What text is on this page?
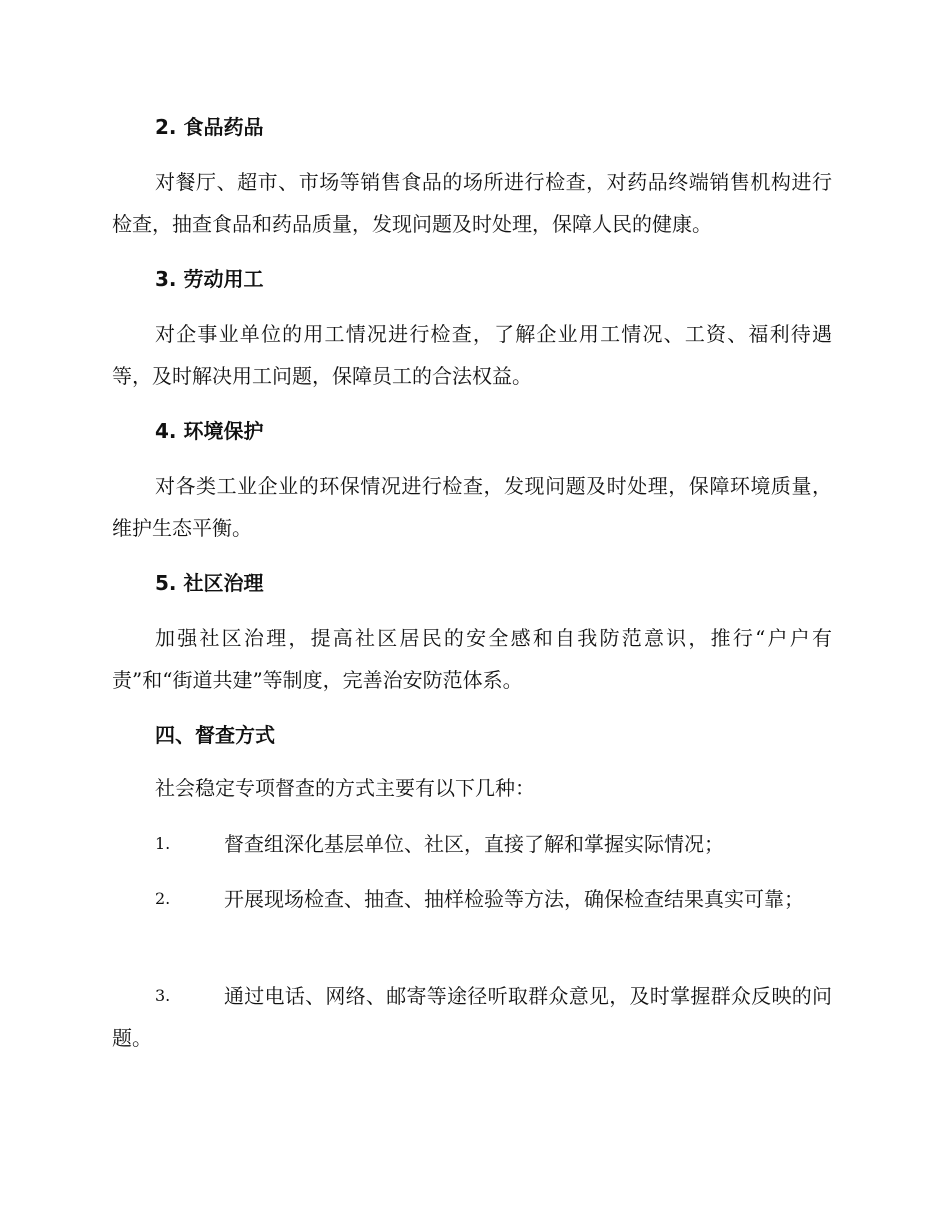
2. 食品药品
对餐厅、超市、市场等销售食品的场所进行检查，对药品终端销售机构进行检查，抽查食品和药品质量，发现问题及时处理，保障人民的健康。
3. 劳动用工
对企事业单位的用工情况进行检查，了解企业用工情况、工资、福利待遇等，及时解决用工问题，保障员工的合法权益。
4. 环境保护
对各类工业企业的环保情况进行检查，发现问题及时处理，保障环境质量，维护生态平衡。
5. 社区治理
加强社区治理，提高社区居民的安全感和自我防范意识，推行“户户有责”和“街道共建”等制度，完善治安防范体系。
四、督查方式
社会稳定专项督查的方式主要有以下几种：
1.	督查组深化基层单位、社区，直接了解和掌握实际情况；
2.	开展现场检查、抽查、抽样检验等方法，确保检查结果真实可靠；
3.	通过电话、网络、邮寄等途径听取群众意见，及时掌握群众反映的问题。
